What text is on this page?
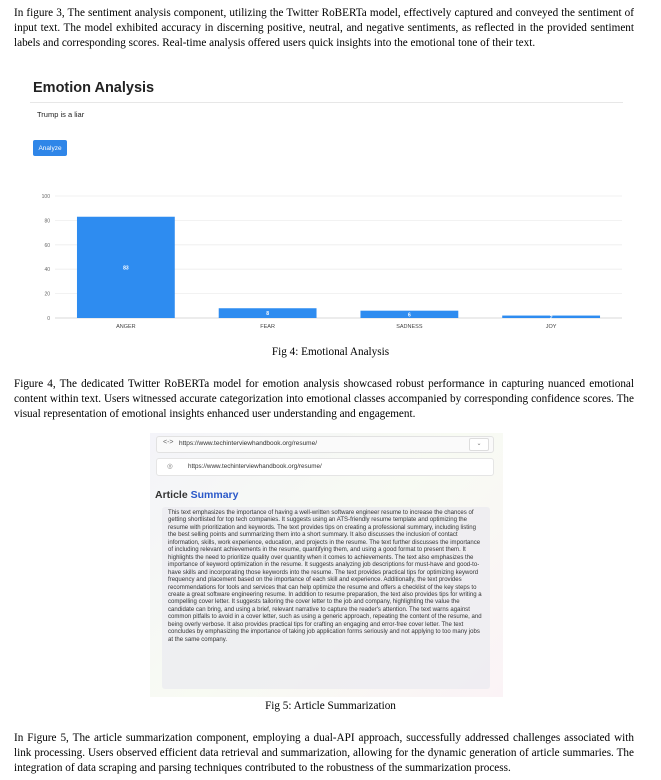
In figure 3, The sentiment analysis component, utilizing the Twitter RoBERTa model, effectively captured and conveyed the sentiment of input text. The model exhibited accuracy in discerning positive, neutral, and negative sentiments, as reflected in the provided sentiment labels and corresponding scores. Real-time analysis offered users quick insights into the emotional tone of their text.

Emotion Analysis
Trump is a liar
Analyze
0
20
40
60
80
100
83
ANGER
8
FEAR
6
SADNESS
2
JOY

Fig 4: Emotional Analysis

Figure 4, The dedicated Twitter RoBERTa model for emotion analysis showcased robust performance in capturing nuanced emotional content within text. Users witnessed accurate categorization into emotional classes accompanied by corresponding confidence scores. The visual representation of emotional insights enhanced user understanding and engagement.

<-> https://www.techinterviewhandbook.org/resume/	⌄
◎ https://www.techinterviewhandbook.org/resume/
Article Summary

This text emphasizes the importance of having a well-written software engineer resume to increase the chances of getting shortlisted for top tech companies. It suggests using an ATS-friendly resume template and optimizing the resume with prioritization and keywords. The text provides tips on creating a professional summary, including listing the best selling points and summarizing them into a short summary. It also discusses the inclusion of contact information, skills, work experience, education, and projects in the resume. The text further discusses the importance of including relevant achievements in the resume, quantifying them, and using a good format to present them. It highlights the need to prioritize quality over quantity when it comes to achievements. The text also emphasizes the importance of keyword optimization in the resume. It suggests analyzing job descriptions for must-have and good-to-have skills and incorporating those keywords into the resume. The text provides practical tips for optimizing keyword frequency and placement based on the importance of each skill and experience. Additionally, the text provides recommendations for tools and services that can help optimize the resume and offers a checklist of the key steps to create a great software engineering resume. In addition to resume preparation, the text also provides tips for writing a compelling cover letter. It suggests tailoring the cover letter to the job and company, highlighting the value the candidate can bring, and using a brief, relevant narrative to capture the reader's attention. The text warns against common pitfalls to avoid in a cover letter, such as using a generic approach, repeating the content of the resume, and being overly verbose. It also provides practical tips for crafting an engaging and error-free cover letter. The text concludes by emphasizing the importance of taking job application forms seriously and not applying to too many jobs at the same company.

Fig 5: Article Summarization

In Figure 5, The article summarization component, employing a dual-API approach, successfully addressed challenges associated with link processing. Users observed efficient data retrieval and summarization, allowing for the dynamic generation of article summaries. The integration of data scraping and parsing techniques contributed to the robustness of the summarization process.
